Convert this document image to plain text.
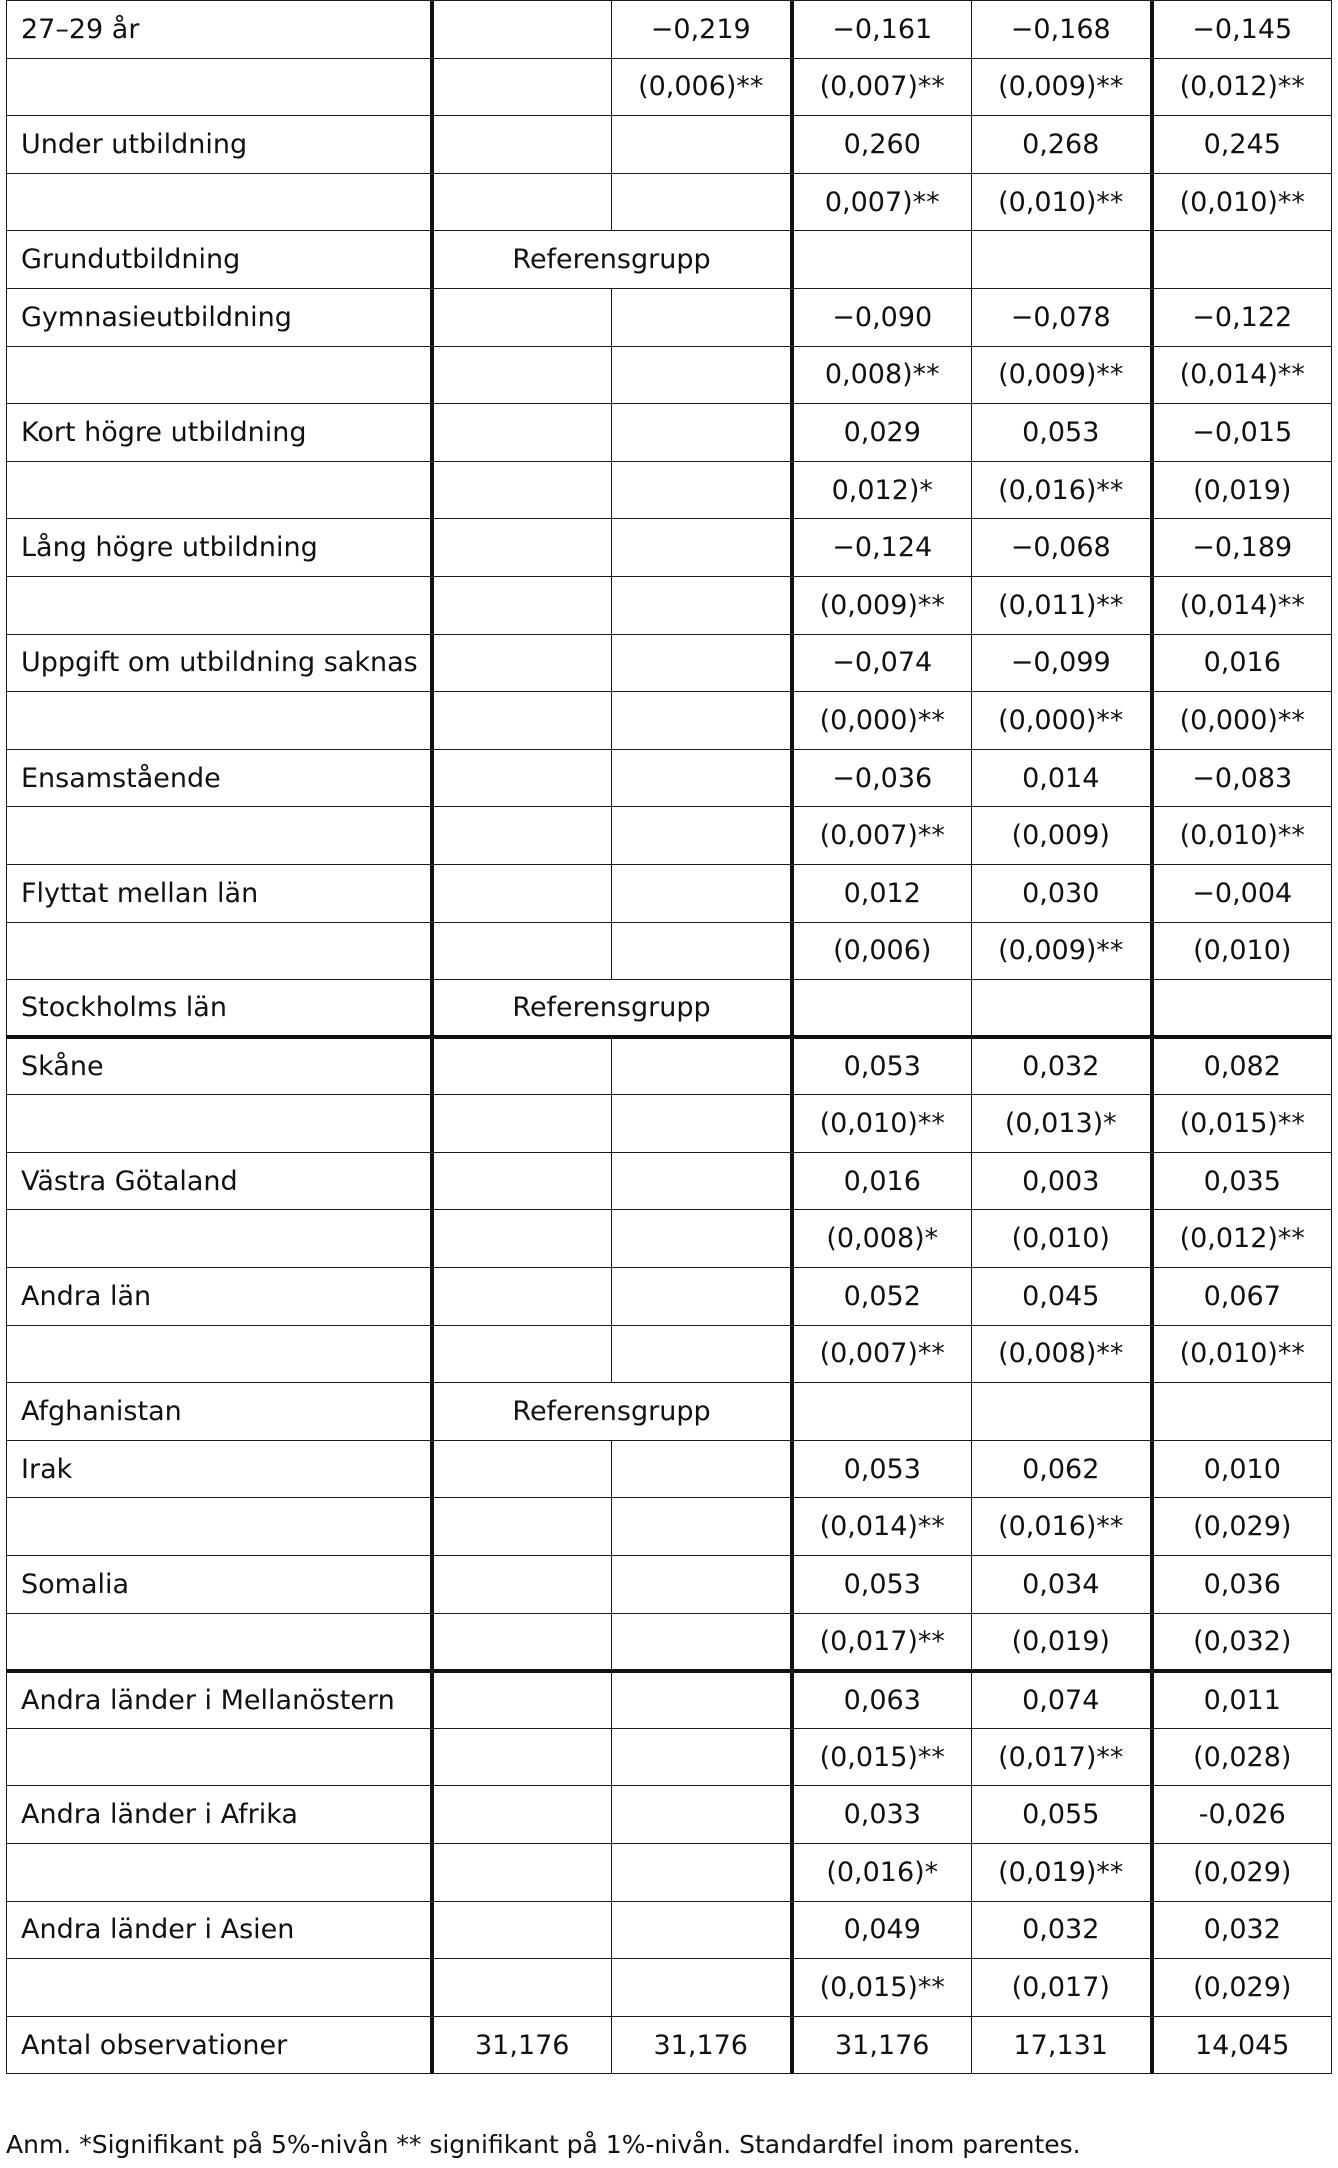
27–29 år		−0,219	−0,161	−0,168	−0,145
		(0,006)**	(0,007)**	(0,009)**	(0,012)**
Under utbildning			0,260	0,268	0,245
			0,007)**	(0,010)**	(0,010)**
Grundutbildning	Referensgrupp				
Gymnasieutbildning			−0,090	−0,078	−0,122
			0,008)**	(0,009)**	(0,014)**
Kort högre utbildning			0,029	0,053	−0,015
			0,012)*	(0,016)**	(0,019)
Lång högre utbildning			−0,124	−0,068	−0,189
			(0,009)**	(0,011)**	(0,014)**
Uppgift om utbildning saknas			−0,074	−0,099	0,016
			(0,000)**	(0,000)**	(0,000)**
Ensamstående			−0,036	0,014	−0,083
			(0,007)**	(0,009)	(0,010)**
Flyttat mellan län			0,012	0,030	−0,004
			(0,006)	(0,009)**	(0,010)
Stockholms län	Referensgrupp				
Skåne			0,053	0,032	0,082
			(0,010)**	(0,013)*	(0,015)**
Västra Götaland			0,016	0,003	0,035
			(0,008)*	(0,010)	(0,012)**
Andra län			0,052	0,045	0,067
			(0,007)**	(0,008)**	(0,010)**
Afghanistan	Referensgrupp				
Irak			0,053	0,062	0,010
			(0,014)**	(0,016)**	(0,029)
Somalia			0,053	0,034	0,036
			(0,017)**	(0,019)	(0,032)
Andra länder i Mellanöstern			0,063	0,074	0,011
			(0,015)**	(0,017)**	(0,028)
Andra länder i Afrika			0,033	0,055	-0,026
			(0,016)*	(0,019)**	(0,029)
Andra länder i Asien			0,049	0,032	0,032
			(0,015)**	(0,017)	(0,029)
Antal observationer	31,176	31,176	31,176	17,131	14,045
Anm. *Signifikant på 5%-nivån ** signifikant på 1%-nivån. Standardfel inom parentes.
